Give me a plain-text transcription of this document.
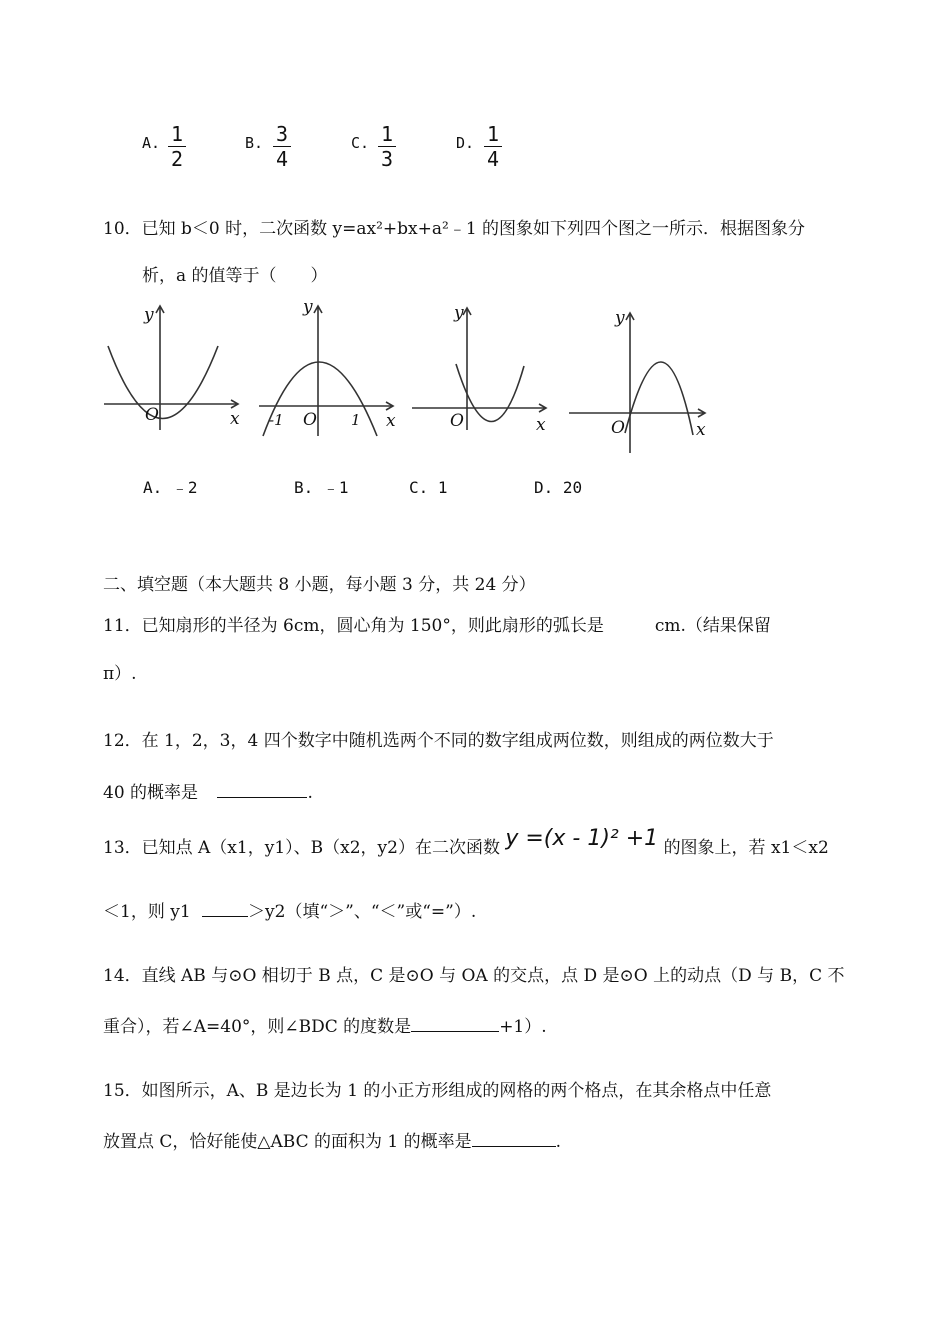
A. 1
2
B. 3
4
C. 1
3
D. 1
4
10．已知 b＜0 时，二次函数 y=ax²+bx+a²﹣1 的图象如下列四个图之一所示．根据图象分
析，a 的值等于（　　）
y
O	x
y
-1 O 1 x
y
O	x
y
O	x
A. ﹣2	B. ﹣1	C. 1	D. 20
二、填空题（本大题共 8 小题，每小题 3 分，共 24 分）
11．已知扇形的半径为 6cm，圆心角为 150°，则此扇形的弧长是　　　cm.（结果保留
π）.
12．在 1，2，3，4 四个数字中随机选两个不同的数字组成两位数，则组成的两位数大于
40 的概率是	.
13．已知点 A（x1，y1）、B（x2，y2）在二次函数 y =(x - 1)² +1 的图象上，若 x1＜x2
＜1，则 y1	＞y2（填“＞”、“＜”或“=”）.
14．直线 AB 与⊙O 相切于 B 点，C 是⊙O 与 OA 的交点，点 D 是⊙O 上的动点（D 与 B，C 不
重合），若∠A=40°，则∠BDC 的度数是	+1）.
15．如图所示，A、B 是边长为 1 的小正方形组成的网格的两个格点，在其余格点中任意
放置点 C，恰好能使△ABC 的面积为 1 的概率是	.
